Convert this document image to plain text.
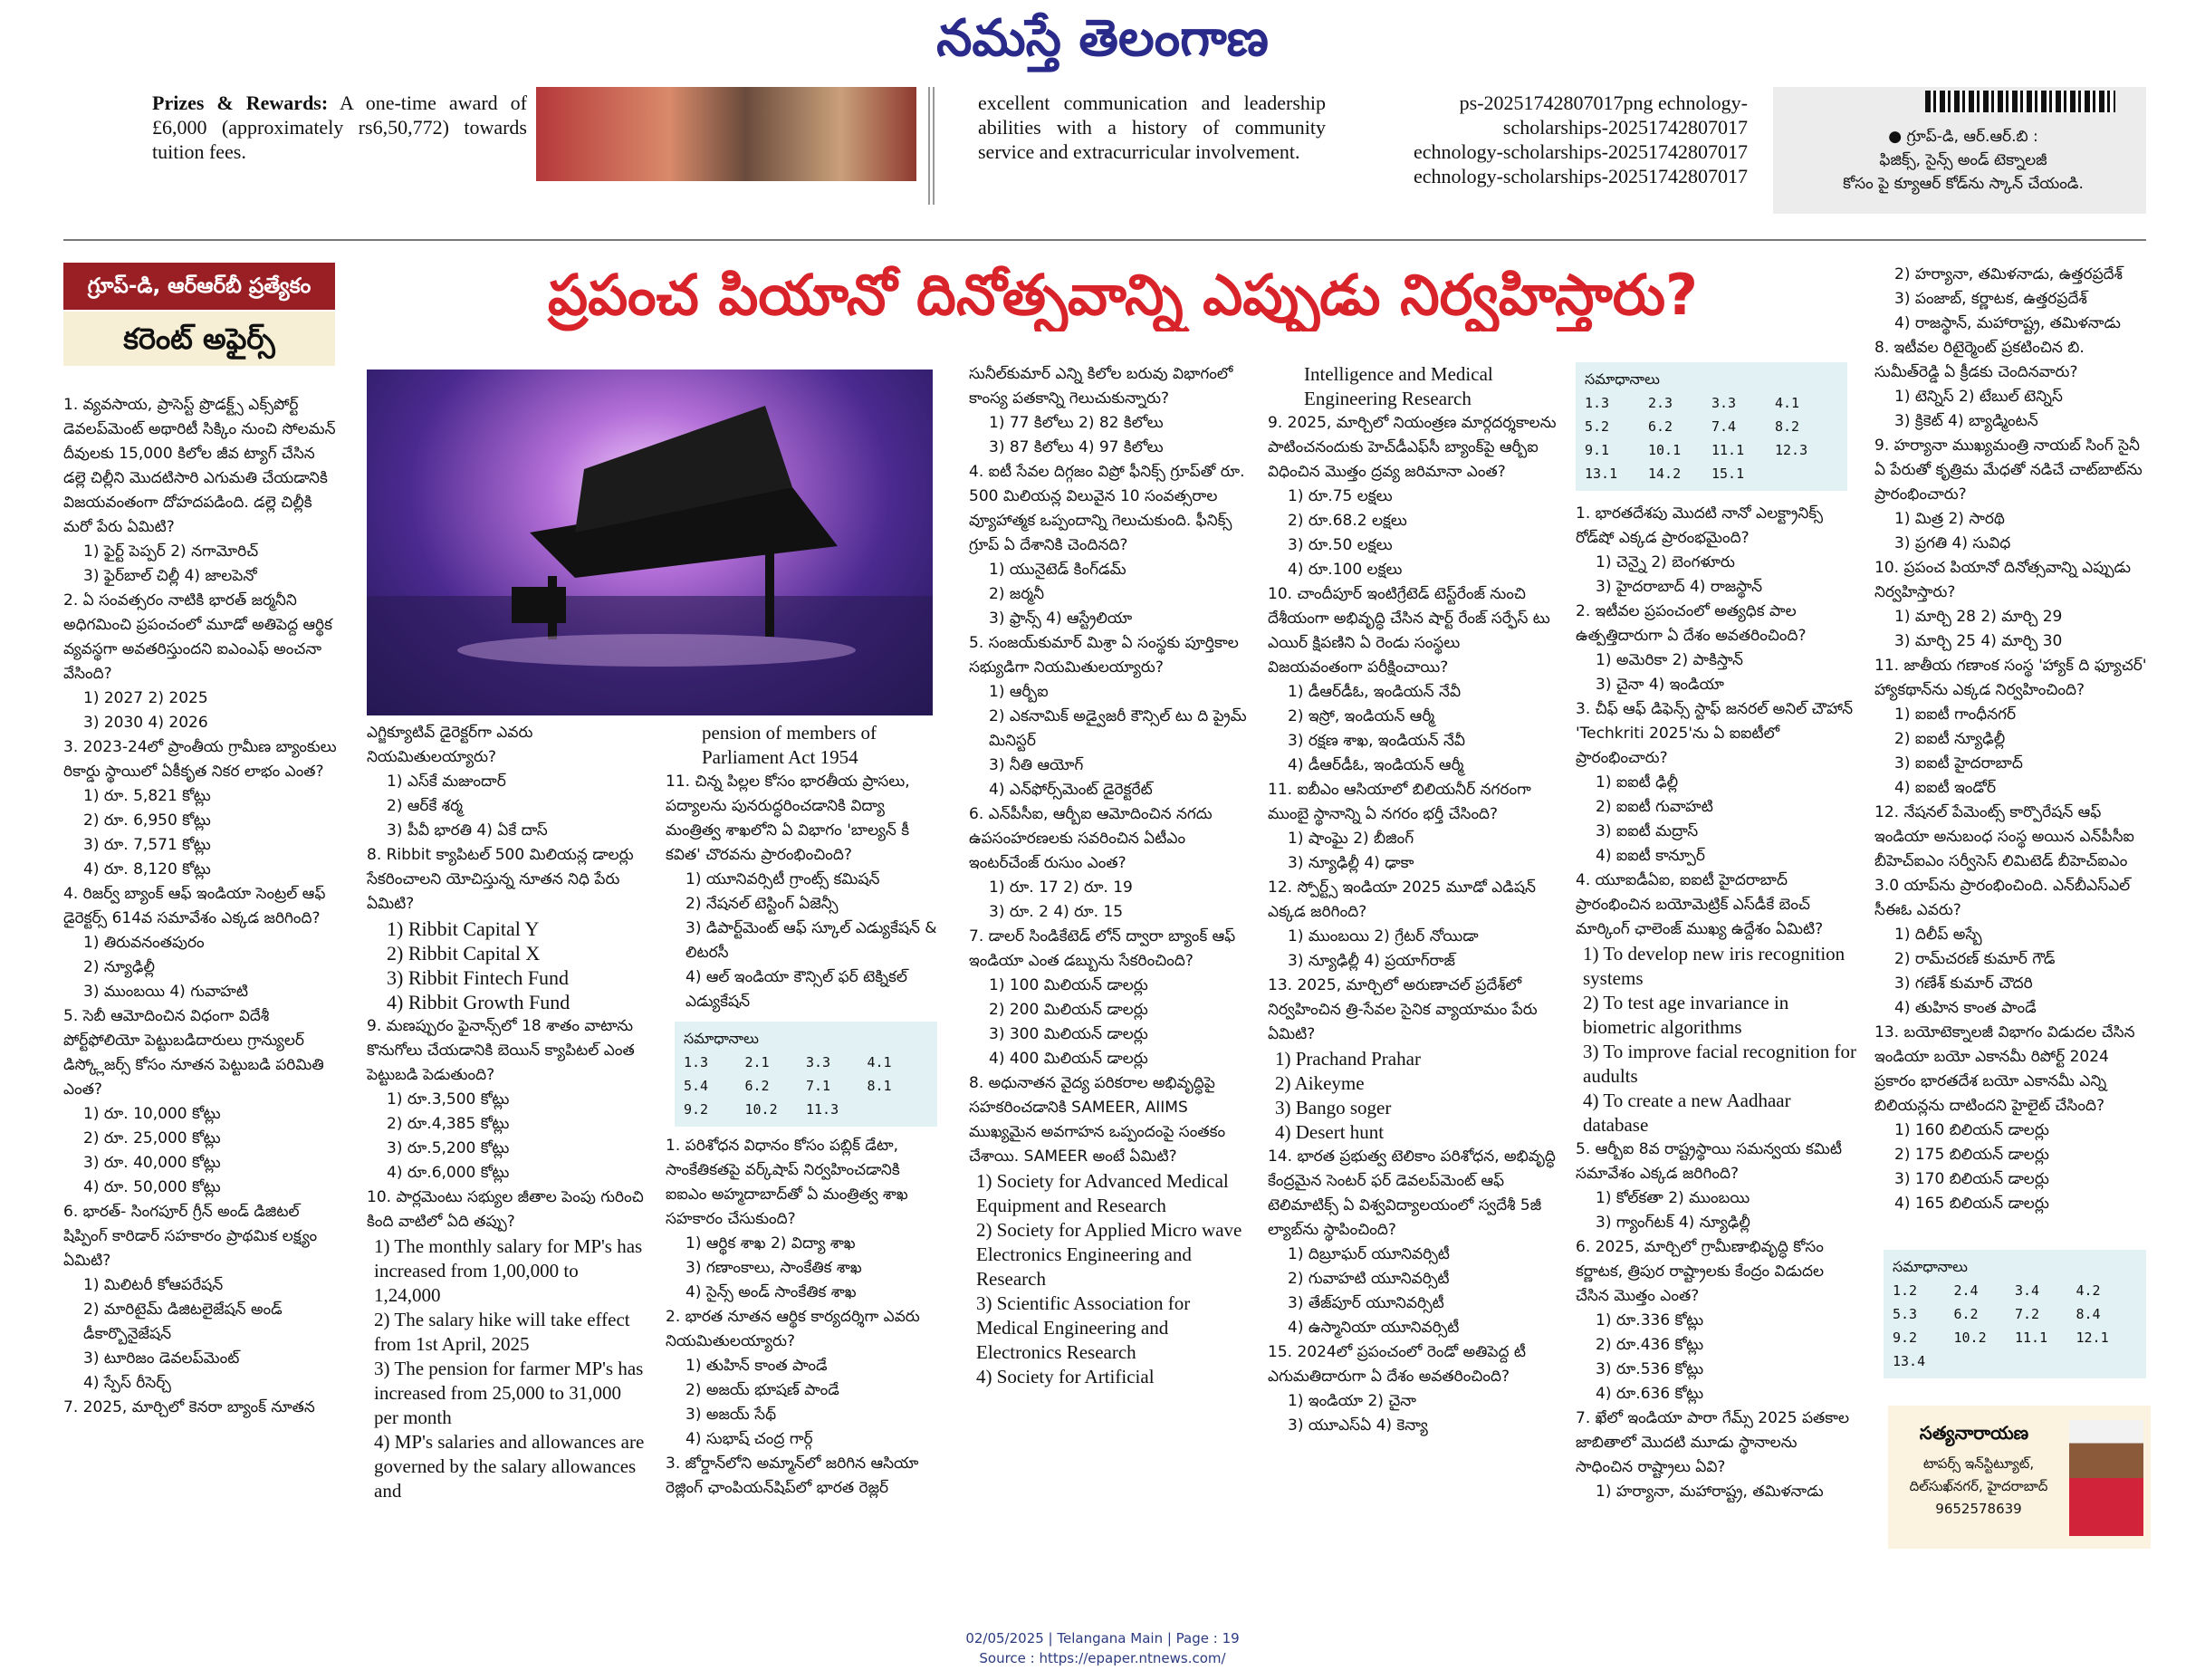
నమస్తే తెలంగాణ
Prizes & Rewards: A one-time award of £6,000 (approximately rs6,50,772) towards tuition fees.
excellent communication and leadership abilities with a history of community service and extracurricular involvement.
ps-20251742807017png echnology-
scholarships-20251742807017
echnology-scholarships-20251742807017
echnology-scholarships-20251742807017
● గ్రూప్‌-డి, ఆర్‌.ఆర్‌.బి :
ఫిజిక్స్‌, సైన్స్‌ అండ్‌ టెక్నాలజీ
కోసం పై క్యూఆర్‌ కోడ్‌ను స్కాన్‌ చేయండి.
గ్రూప్‌-డి, ఆర్‌ఆర్‌బీ ప్రత్యేకం
కరెంట్‌ అఫైర్స్‌
ప్రపంచ పియానో దినోత్సవాన్ని ఎప్పుడు నిర్వహిస్తారు?
1. వ్యవసాయ, ప్రాసెస్ట్‌ ప్రొడక్ట్స్‌ ఎక్స్‌పోర్ట్‌ డెవలప్‌మెంట్‌ అథారిటీ సిక్కిం నుంచి సోలమన్‌ దీవులకు 15,000 కిలోల జీవ ట్యాగ్‌ చేసిన డల్లె చిల్లీని మొదటిసారి ఎగుమతి చేయడానికి విజయవంతంగా దోహదపడింది. డల్లె చిల్లీకి మరో పేరు ఏమిటి?
1) ఫైర్ట్‌ పెప్పర్‌ 2) నగామోరిచ్‌
3) ఫైర్‌బాల్‌ చిల్లీ 4) జాలపెనో
2. ఏ సంవత్సరం నాటికి భారత్‌ జర్మనీని అధిగమించి ప్రపంచంలో మూడో అతిపెద్ద ఆర్థిక వ్యవస్థగా అవతరిస్తుందని ఐఎంఎఫ్‌ అంచనా వేసింది?
1) 2027 2) 2025
3) 2030 4) 2026
3. 2023-24లో ప్రాంతీయ గ్రామీణ బ్యాంకులు రికార్డు స్థాయిలో ఏకీకృత నికర లాభం ఎంత?
1) రూ. 5,821 కోట్లు
2) రూ. 6,950 కోట్లు
3) రూ. 7,571 కోట్లు
4) రూ. 8,120 కోట్లు
4. రిజర్వ్‌ బ్యాంక్‌ ఆఫ్‌ ఇండియా సెంట్రల్‌ ఆఫ్‌ డైరెక్టర్స్‌ 614వ సమావేశం ఎక్కడ జరిగింది?
1) తిరువనంతపురం
2) న్యూఢిల్లీ
3) ముంబయి 4) గువాహటి
5. సెబీ ఆమోదించిన విధంగా విదేశీ పోర్ట్‌ఫోలియో పెట్టుబడిదారులు గ్రాన్యులర్‌ డిస్క్లోజర్స్‌ కోసం నూతన పెట్టుబడి పరిమితి ఎంత?
1) రూ. 10,000 కోట్లు
2) రూ. 25,000 కోట్లు
3) రూ. 40,000 కోట్లు
4) రూ. 50,000 కోట్లు
6. భారత్‌- సింగపూర్‌ గ్రీన్‌ అండ్‌ డిజిటల్‌ షిప్పింగ్‌ కారిడార్‌ సహకారం ప్రాథమిక లక్ష్యం ఏమిటి?
1) మిలిటరీ కోఆపరేషన్‌
2) మారిటైమ్‌ డిజిటలైజేషన్‌ అండ్‌ డీకార్బొనైజేషన్‌
3) టూరిజం డెవలప్‌మెంట్‌
4) స్పేస్‌ రీసెర్చ్‌
7. 2025, మార్చిలో కెనరా బ్యాంక్‌ నూతన
ఎగ్జిక్యూటివ్‌ డైరెక్టర్‌గా ఎవరు నియమితులయ్యారు?
1) ఎస్‌కే మజుందార్‌
2) ఆర్‌కే శర్మ
3) పీవీ భారతి 4) ఏకే దాస్‌
8. Ribbit క్యాపిటల్‌ 500 మిలియన్ల డాలర్లు సేకరించాలని యోచిస్తున్న నూతన నిధి పేరు ఏమిటి?
1) Ribbit Capital Y
2) Ribbit Capital X
3) Ribbit Fintech Fund
4) Ribbit Growth Fund
9. మణప్పురం ఫైనాన్స్‌లో 18 శాతం వాటాను కొనుగోలు చేయడానికి బెయిన్‌ క్యాపిటల్‌ ఎంత పెట్టుబడి పెడుతుంది?
1) రూ.3,500 కోట్లు
2) రూ.4,385 కోట్లు
3) రూ.5,200 కోట్లు
4) రూ.6,000 కోట్లు
10. పార్లమెంటు సభ్యుల జీతాల పెంపు గురించి కింది వాటిలో ఏది తప్పు?
1) The monthly salary for MP's has increased from 1,00,000 to 1,24,000
2) The salary hike will take effect from 1st April, 2025
3) The pension for farmer MP's has increased from 25,000 to 31,000 per month
4) MP's salaries and allowances are governed by the salary allowances and
pension of members of Parliament Act 1954
11. చిన్న పిల్లల కోసం భారతీయ ప్రాసలు, పద్యాలను పునరుద్ధరించడానికి విద్యా మంత్రిత్వ శాఖలోని ఏ విభాగం 'బాల్యన్‌ కీ కవిత' చొరవను ప్రారంభించింది?
1) యూనివర్సిటీ గ్రాంట్స్‌ కమిషన్‌
2) నేషనల్‌ టెస్టింగ్‌ ఏజెన్సీ
3) డిపార్ట్‌మెంట్‌ ఆఫ్‌ స్కూల్‌ ఎడ్యుకేషన్‌ & లిటరసీ
4) ఆల్‌ ఇండియా కౌన్సిల్‌ ఫర్‌ టెక్నికల్‌ ఎడ్యుకేషన్‌
సమాధానాలు
1.3	2.1	3.3	4.1
5.4	6.2	7.1	8.1
9.2	10.2	11.3
1. పరిశోధన విధానం కోసం పబ్లిక్‌ డేటా, సాంకేతికతపై వర్క్‌షాప్‌ నిర్వహించడానికి ఐఐఎం అహ్మదాబాద్‌తో ఏ మంత్రిత్వ శాఖ సహకారం చేసుకుంది?
1) ఆర్థిక శాఖ 2) విద్యా శాఖ
3) గణాంకాలు, సాంకేతిక శాఖ
4) సైన్స్‌ అండ్‌ సాంకేతిక శాఖ
2. భారత నూతన ఆర్థిక కార్యదర్శిగా ఎవరు నియమితులయ్యారు?
1) తుహిన్‌ కాంత పాండే
2) అజయ్‌ భూషణ్‌ పాండే
3) అజయ్‌ సేథ్‌
4) సుభాష్‌ చంద్ర గార్గ్‌
3. జోర్డాన్‌లోని అమ్మాన్‌లో జరిగిన ఆసియా రెజ్లింగ్‌ ఛాంపియన్‌షిప్‌లో భారత రెజ్లర్‌
సునీల్‌కుమార్‌ ఎన్ని కిలోల బరువు విభాగంలో కాంస్య పతకాన్ని గెలుచుకున్నారు?
1) 77 కిలోలు 2) 82 కిలోలు
3) 87 కిలోలు 4) 97 కిలోలు
4. ఐటీ సేవల దిగ్గజం విప్రో ఫీనిక్స్‌ గ్రూప్‌తో రూ. 500 మిలియన్ల విలువైన 10 సంవత్సరాల వ్యూహాత్మక ఒప్పందాన్ని గెలుచుకుంది. ఫీనిక్స్‌ గ్రూప్‌ ఏ దేశానికి చెందినది?
1) యునైటెడ్‌ కింగ్‌డమ్‌
2) జర్మనీ
3) ఫ్రాన్స్‌ 4) ఆస్ట్రేలియా
5. సంజయ్‌కుమార్‌ మిశ్రా ఏ సంస్థకు పూర్తికాల సభ్యుడిగా నియమితులయ్యారు?
1) ఆర్బీఐ
2) ఎకనామిక్‌ అడ్వైజరీ కౌన్సిల్‌ టు ది ప్రైమ్‌ మినిస్టర్‌
3) నీతి ఆయోగ్‌
4) ఎన్‌ఫోర్స్‌మెంట్‌ డైరెక్టరేట్‌
6. ఎన్‌పీసీఐ, ఆర్బీఐ ఆమోదించిన నగదు ఉపసంహరణలకు సవరించిన ఏటీఎం ఇంటర్‌చేంజ్‌ రుసుం ఎంత?
1) రూ. 17 2) రూ. 19
3) రూ. 2 4) రూ. 15
7. డాలర్‌ సిండికేటెడ్‌ లోన్‌ ద్వారా బ్యాంక్‌ ఆఫ్‌ ఇండియా ఎంత డబ్బును సేకరించింది?
1) 100 మిలియన్‌ డాలర్లు
2) 200 మిలియన్‌ డాలర్లు
3) 300 మిలియన్‌ డాలర్లు
4) 400 మిలియన్‌ డాలర్లు
8. అధునాతన వైద్య పరికరాల అభివృద్ధిపై సహకరించడానికి SAMEER, AIIMS ముఖ్యమైన అవగాహన ఒప్పందంపై సంతకం చేశాయి. SAMEER అంటే ఏమిటి?
1) Society for Advanced Medical Equipment and Research
2) Society for Applied Micro wave Electronics Engineering and Research
3) Scientific Association for Medical Engineering and Electronics Research
4) Society for Artificial
Intelligence and Medical Engineering Research
9. 2025, మార్చిలో నియంత్రణ మార్గదర్శకాలను పాటించనందుకు హెచ్‌డీఎఫ్‌సీ బ్యాంక్‌పై ఆర్బీఐ విధించిన మొత్తం ద్రవ్య జరిమానా ఎంత?
1) రూ.75 లక్షలు
2) రూ.68.2 లక్షలు
3) రూ.50 లక్షలు
4) రూ.100 లక్షలు
10. చాందీపూర్‌ ఇంటిగ్రేటెడ్‌ టెస్ట్‌రేంజ్‌ నుంచి దేశీయంగా అభివృద్ధి చేసిన షార్ట్‌ రేంజ్‌ సర్ఫేస్‌ టు ఎయిర్‌ క్షిపణిని ఏ రెండు సంస్థలు విజయవంతంగా పరీక్షించాయి?
1) డీఆర్‌డీఓ, ఇండియన్‌ నేవీ
2) ఇస్రో, ఇండియన్‌ ఆర్మీ
3) రక్షణ శాఖ, ఇండియన్‌ నేవీ
4) డీఆర్‌డీఓ, ఇండియన్‌ ఆర్మీ
11. ఐబీఎం ఆసియాలో బిలియనీర్‌ నగరంగా ముంబై స్థానాన్ని ఏ నగరం భర్తీ చేసింది?
1) షాంఘై 2) బీజింగ్‌
3) న్యూఢిల్లీ 4) ఢాకా
12. స్పోర్ట్స్‌ ఇండియా 2025 మూడో ఎడిషన్‌ ఎక్కడ జరిగింది?
1) ముంబయి 2) గ్రేటర్‌ నోయిడా
3) న్యూఢిల్లీ 4) ప్రయాగ్‌రాజ్‌
13. 2025, మార్చిలో అరుణాచల్‌ ప్రదేశ్‌లో నిర్వహించిన త్రి-సేవల సైనిక వ్యాయామం పేరు ఏమిటి?
1) Prachand Prahar
2) Aikeyme
3) Bango soger
4) Desert hunt
14. భారత ప్రభుత్వ టెలికాం పరిశోధన, అభివృద్ధి కేంద్రమైన సెంటర్‌ ఫర్‌ డెవలప్‌మెంట్‌ ఆఫ్‌ టెలిమాటిక్స్‌ ఏ విశ్వవిద్యాలయంలో స్వదేశీ 5జీ ల్యాబ్‌ను స్థాపించింది?
1) దిబ్రూఘర్‌ యూనివర్సిటీ
2) గువాహటి యూనివర్సిటీ
3) తేజ్‌పూర్‌ యూనివర్సిటీ
4) ఉస్మానియా యూనివర్సిటీ
15. 2024లో ప్రపంచంలో రెండో అతిపెద్ద టీ ఎగుమతిదారుగా ఏ దేశం అవతరించింది?
1) ఇండియా 2) చైనా
3) యూఎస్‌ఏ 4) కెన్యా
సమాధానాలు
1.3	2.3	3.3	4.1
5.2	6.2	7.4	8.2
9.1	10.1	11.1	12.3
13.1	14.2	15.1
1. భారతదేశపు మొదటి నానో ఎలక్ట్రానిక్స్‌ రోడ్‌షో ఎక్కడ ప్రారంభమైంది?
1) చెన్నై 2) బెంగళూరు
3) హైదరాబాద్‌ 4) రాజస్థాన్‌
2. ఇటీవల ప్రపంచంలో అత్యధిక పాల ఉత్పత్తిదారుగా ఏ దేశం అవతరించింది?
1) అమెరికా 2) పాకిస్తాన్‌
3) చైనా 4) ఇండియా
3. చీఫ్‌ ఆఫ్‌ డిఫెన్స్‌ స్టాఫ్‌ జనరల్‌ అనిల్‌ చౌహాన్‌ 'Techkriti 2025'ను ఏ ఐఐటీలో ప్రారంభించారు?
1) ఐఐటీ ఢిల్లీ
2) ఐఐటీ గువాహటి
3) ఐఐటీ మద్రాస్‌
4) ఐఐటీ కాన్పూర్‌
4. యూఐడీఏఐ, ఐఐటీ హైదరాబాద్‌ ప్రారంభించిన బయోమెట్రిక్‌ ఎస్‌డీకే బెంచ్‌ మార్కింగ్‌ ఛాలెంజ్‌ ముఖ్య ఉద్దేశం ఏమిటి?
1) To develop new iris recognition systems
2) To test age invariance in biometric algorithms
3) To improve facial recognition for audults
4) To create a new Aadhaar database
5. ఆర్బీఐ 8వ రాష్ట్రస్థాయి సమన్వయ కమిటీ సమావేశం ఎక్కడ జరిగింది?
1) కోల్‌కతా 2) ముంబయి
3) గ్యాంగ్‌టక్‌ 4) న్యూఢిల్లీ
6. 2025, మార్చిలో గ్రామీణాభివృద్ధి కోసం కర్ణాటక, త్రిపుర రాష్ట్రాలకు కేంద్రం విడుదల చేసిన మొత్తం ఎంత?
1) రూ.336 కోట్లు
2) రూ.436 కోట్లు
3) రూ.536 కోట్లు
4) రూ.636 కోట్లు
7. ఖేలో ఇండియా పారా గేమ్స్‌ 2025 పతకాల జాబితాలో మొదటి మూడు స్థానాలను సాధించిన రాష్ట్రాలు ఏవి?
1) హర్యానా, మహారాష్ట్ర, తమిళనాడు
2) హర్యానా, తమిళనాడు, ఉత్తరప్రదేశ్‌
3) పంజాబ్‌, కర్ణాటక, ఉత్తరప్రదేశ్‌
4) రాజస్థాన్‌, మహారాష్ట్ర, తమిళనాడు
8. ఇటీవల రిటైర్మెంట్‌ ప్రకటించిన బి. సుమీత్‌రెడ్డి ఏ క్రీడకు చెందినవారు?
1) టెన్నిస్‌ 2) టేబుల్‌ టెన్నిస్‌
3) క్రికెట్‌ 4) బ్యాడ్మింటన్‌
9. హర్యానా ముఖ్యమంత్రి నాయబ్‌ సింగ్‌ సైనీ ఏ పేరుతో కృత్రిమ మేధతో నడిచే చాట్‌బాట్‌ను ప్రారంభించారు?
1) మిత్ర 2) సారథి
3) ప్రగతి 4) సువిధ
10. ప్రపంచ పియానో దినోత్సవాన్ని ఎప్పుడు నిర్వహిస్తారు?
1) మార్చి 28 2) మార్చి 29
3) మార్చి 25 4) మార్చి 30
11. జాతీయ గణాంక సంస్థ 'హ్యాక్‌ ది ఫ్యూచర్‌' హ్యాకథాన్‌ను ఎక్కడ నిర్వహించింది?
1) ఐఐటీ గాంధీనగర్‌
2) ఐఐటీ న్యూఢిల్లీ
3) ఐఐటీ హైదరాబాద్‌
4) ఐఐటీ ఇండోర్‌
12. నేషనల్‌ పేమెంట్స్‌ కార్పొరేషన్‌ ఆఫ్‌ ఇండియా అనుబంధ సంస్థ అయిన ఎన్‌పీసీఐ బీహెచ్‌ఐఎం సర్వీసెస్‌ లిమిటెడ్‌ బీహెచ్‌ఐఎం 3.0 యాప్‌ను ప్రారంభించింది. ఎన్‌బీఎస్‌ఎల్‌ సీఈఓ ఎవరు?
1) దిలీప్‌ అస్బే
2) రామ్‌చరణ్‌ కుమార్‌ గౌడ్‌
3) గణేశ్‌ కుమార్‌ చౌదరి
4) తుహిన కాంత పాండే
13. బయోటెక్నాలజీ విభాగం విడుదల చేసిన ఇండియా బయో ఎకానమీ రిపోర్ట్‌ 2024 ప్రకారం భారతదేశ బయో ఎకానమీ ఎన్ని బిలియన్లను దాటిందని హైలైట్‌ చేసింది?
1) 160 బిలియన్‌ డాలర్లు
2) 175 బిలియన్‌ డాలర్లు
3) 170 బిలియన్‌ డాలర్లు
4) 165 బిలియన్‌ డాలర్లు
సమాధానాలు
1.2	2.4	3.4	4.2
5.3	6.2	7.2	8.4
9.2	10.2	11.1	12.1
13.4
సత్యనారాయణ
టాపర్స్‌ ఇన్‌స్టిట్యూట్‌,
దిల్‌సుఖ్‌నగర్‌, హైదరాబాద్‌
9652578639
02/05/2025 | Telangana Main | Page : 19
Source : https://epaper.ntnews.com/
